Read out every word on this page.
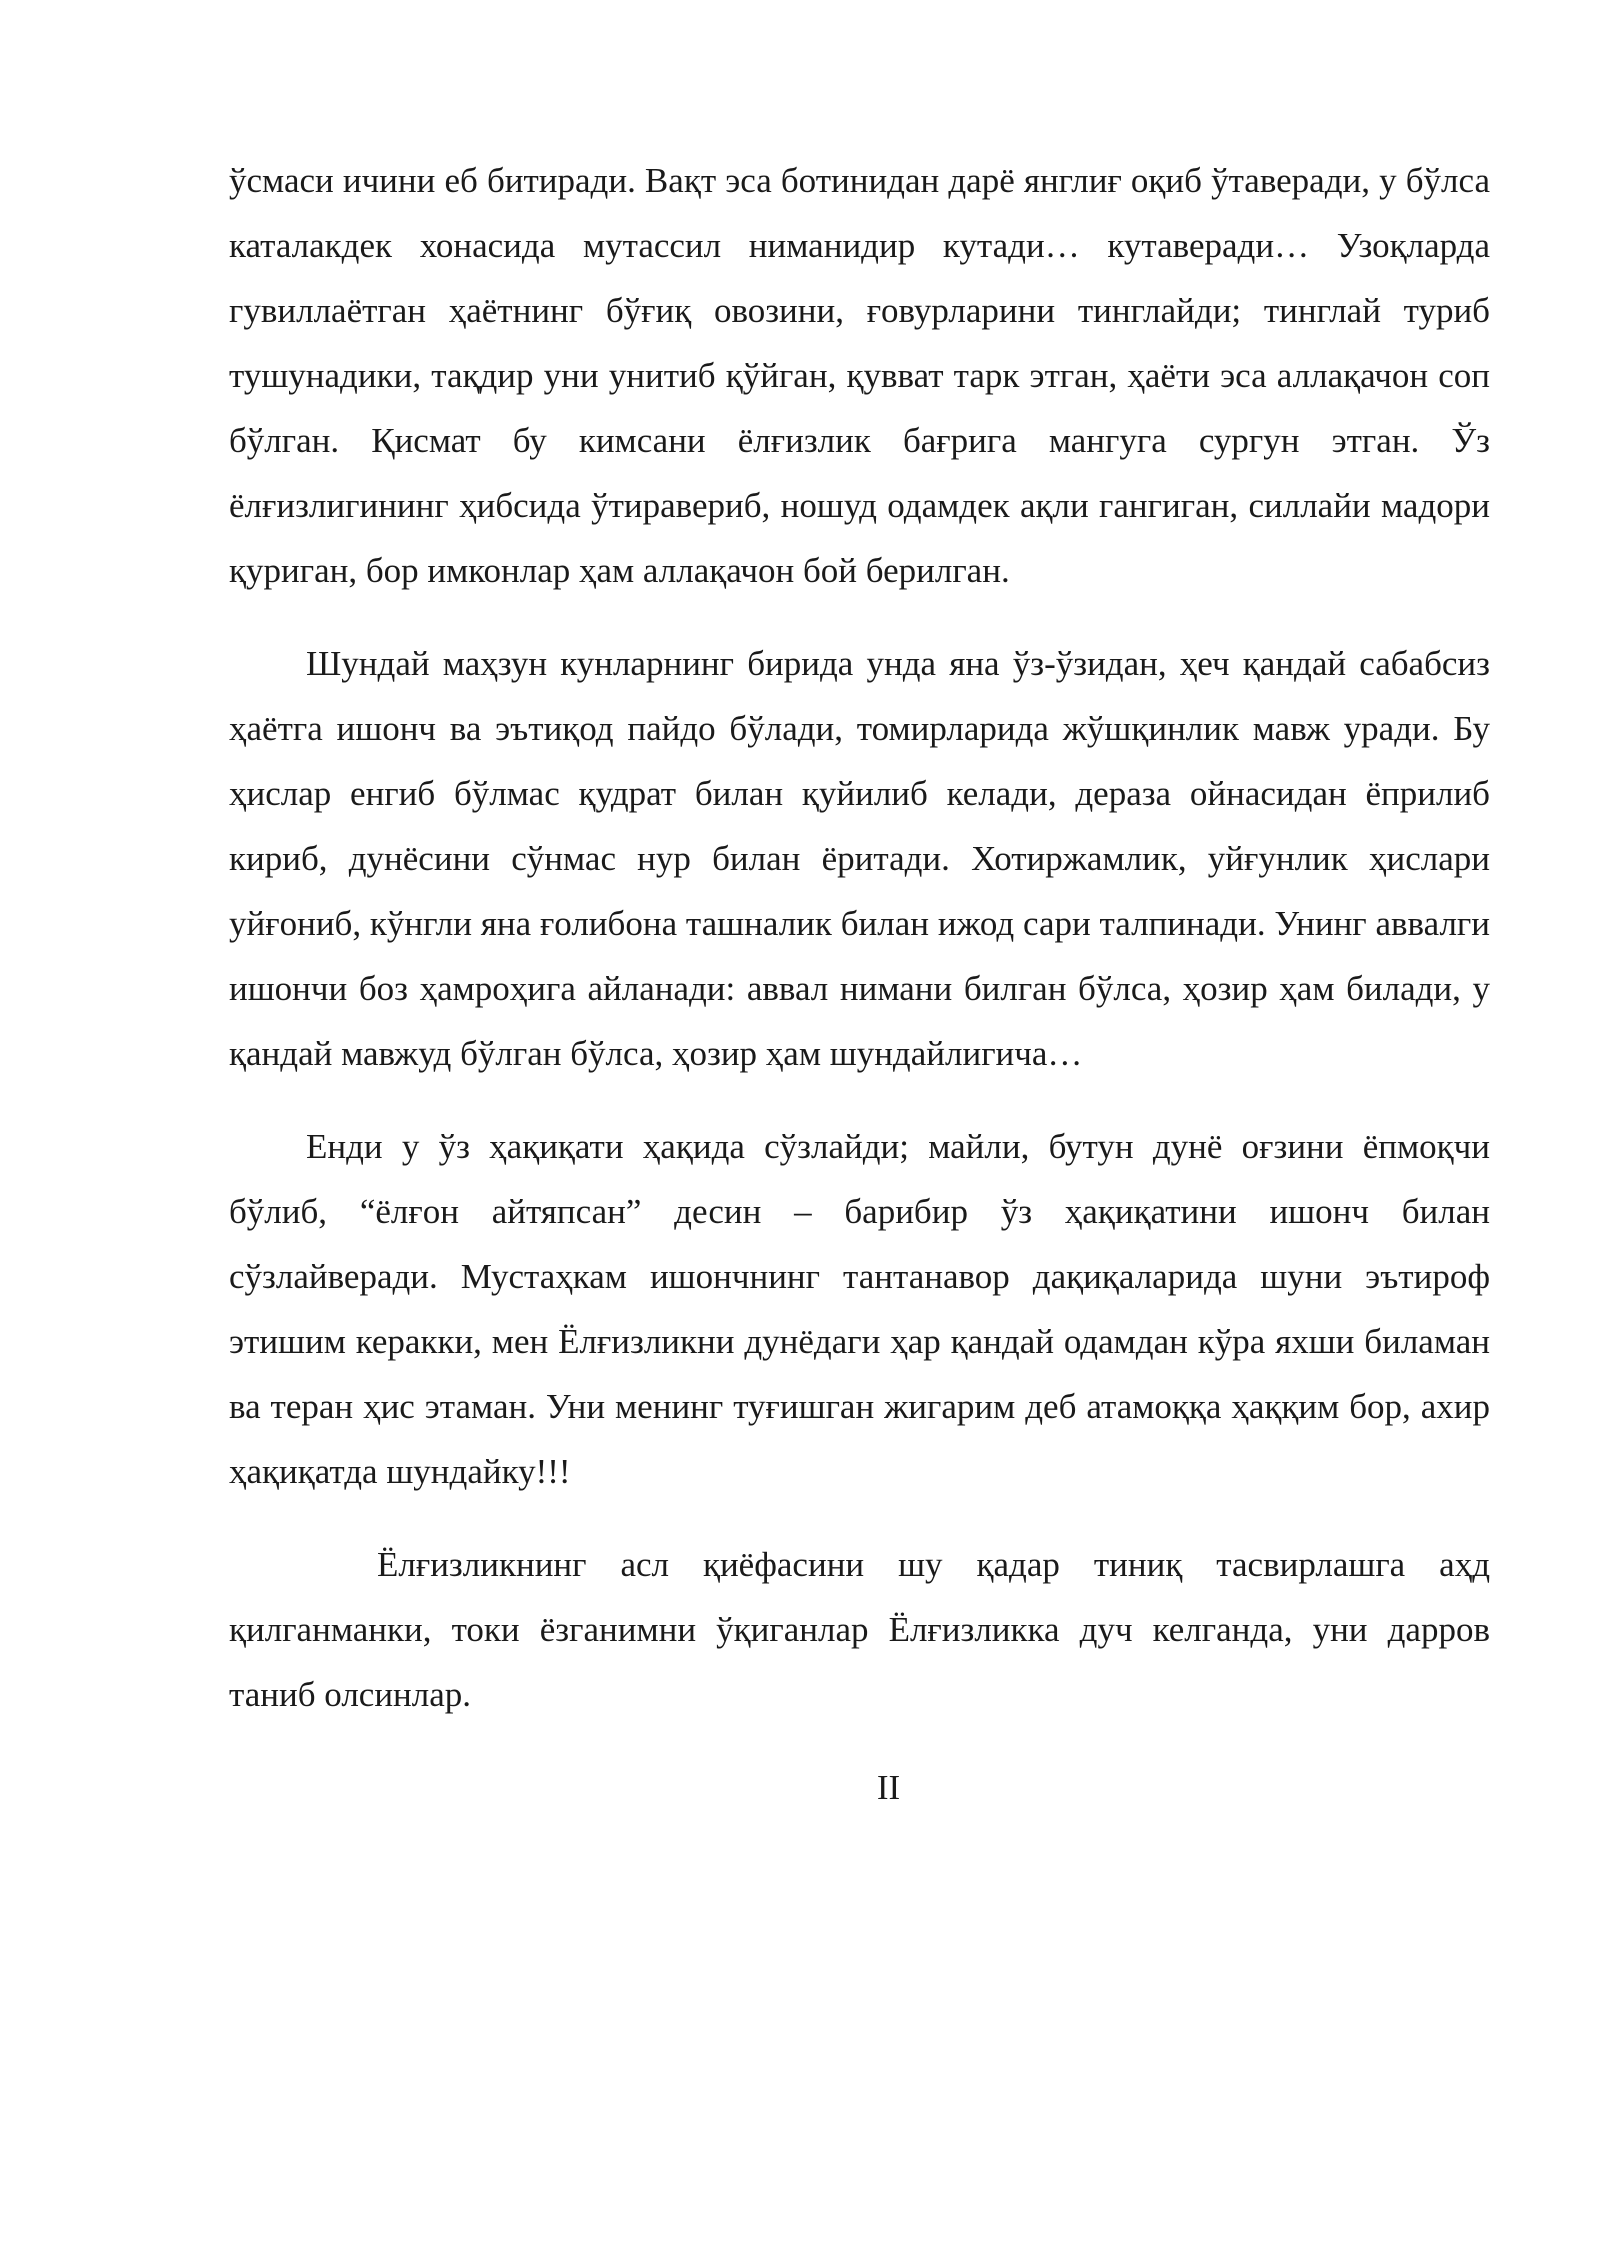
ўсмаси ичини еб битиради. Вақт эса ботинидан дарё янглиғ оқиб ўтаверади, у бўлса каталакдек хонасида мутассил ниманидир кутади… кутаверади… Узоқларда гувиллаётган ҳаётнинг бўғиқ овозини, ғовурларини тинглайди; тинглай туриб тушунадики, тақдир уни унитиб қўйган, қувват тарк этган, ҳаёти эса аллақачон соп бўлган. Қисмат бу кимсани ёлғизлик бағрига мангуга сургун этган. Ўз ёлғизлигининг ҳибсида ўтиравериб, ношуд одамдек ақли гангиган, силлайи мадори қуриган, бор имконлар ҳам аллақачон бой берилган.

Шундай маҳзун кунларнинг бирида унда яна ўз-ўзидан, ҳеч қандай сабабсиз ҳаётга ишонч ва эътиқод пайдо бўлади, томирларида жўшқинлик мавж уради. Бу ҳислар енгиб бўлмас қудрат билан қуйилиб келади, дераза ойнасидан ёприлиб кириб, дунёсини сўнмас нур билан ёритади. Хотиржамлик, уйғунлик ҳислари уйғониб, кўнгли яна ғолибона ташналик билан ижод сари талпинади. Унинг аввалги ишончи боз ҳамроҳига айланади: аввал нимани билган бўлса, ҳозир ҳам билади, у қандай мавжуд бўлган бўлса, ҳозир ҳам шундайлигича…

Енди у ўз ҳақиқати ҳақида сўзлайди; майли, бутун дунё оғзини ёпмоқчи бўлиб, “ёлғон айтяпсан” десин – барибир ўз ҳақиқатини ишонч билан сўзлайверади. Мустаҳкам ишончнинг тантанавор дақиқаларида шуни эътироф этишим керакки, мен Ёлғизликни дунёдаги ҳар қандай одамдан кўра яхши биламан ва теран ҳис этаман. Уни менинг туғишган жигарим деб атамоққа ҳаққим бор, ахир ҳақиқатда шундайку!!!

Ёлғизликнинг асл қиёфасини шу қадар тиниқ тасвирлашга аҳд қилганманки, токи ёзганимни ўқиганлар Ёлғизликка дуч келганда, уни дарров таниб олсинлар.

II
